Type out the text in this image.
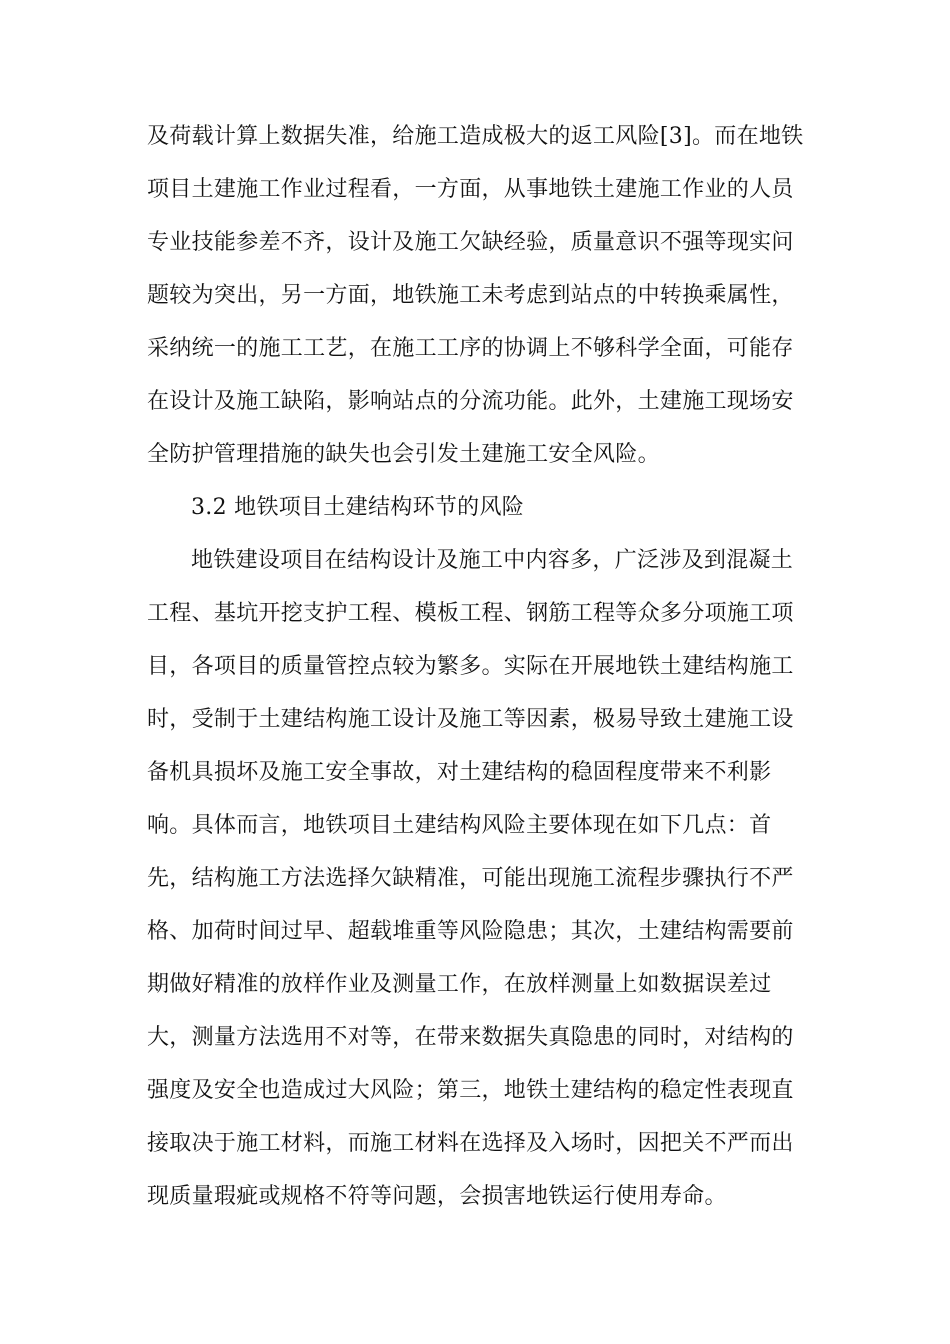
及荷载计算上数据失准，给施工造成极大的返工风险[3]。而在地铁
项目土建施工作业过程看，一方面，从事地铁土建施工作业的人员
专业技能参差不齐，设计及施工欠缺经验，质量意识不强等现实问
题较为突出，另一方面，地铁施工未考虑到站点的中转换乘属性，
采纳统一的施工工艺，在施工工序的协调上不够科学全面，可能存
在设计及施工缺陷，影响站点的分流功能。此外，土建施工现场安
全防护管理措施的缺失也会引发土建施工安全风险。
3.2 地铁项目土建结构环节的风险
地铁建设项目在结构设计及施工中内容多，广泛涉及到混凝土
工程、基坑开挖支护工程、模板工程、钢筋工程等众多分项施工项
目，各项目的质量管控点较为繁多。实际在开展地铁土建结构施工
时，受制于土建结构施工设计及施工等因素，极易导致土建施工设
备机具损坏及施工安全事故，对土建结构的稳固程度带来不利影
响。具体而言，地铁项目土建结构风险主要体现在如下几点：首
先，结构施工方法选择欠缺精准，可能出现施工流程步骤执行不严
格、加荷时间过早、超载堆重等风险隐患；其次，土建结构需要前
期做好精准的放样作业及测量工作，在放样测量上如数据误差过
大，测量方法选用不对等，在带来数据失真隐患的同时，对结构的
强度及安全也造成过大风险；第三，地铁土建结构的稳定性表现直
接取决于施工材料，而施工材料在选择及入场时，因把关不严而出
现质量瑕疵或规格不符等问题，会损害地铁运行使用寿命。
